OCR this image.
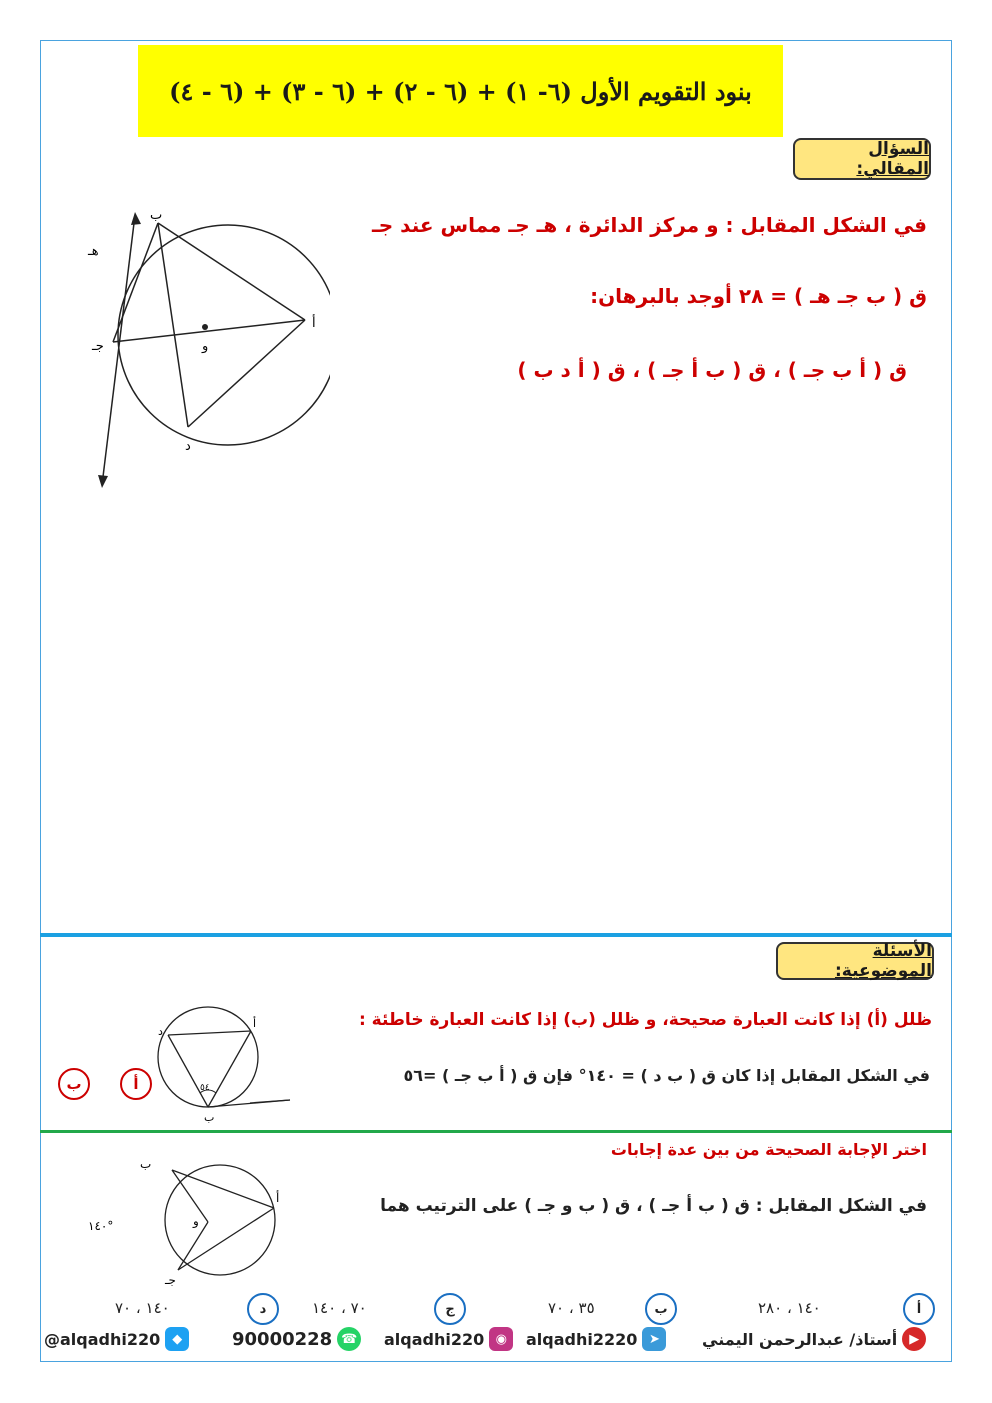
بنود التقويم الأول (٦- ١) + (٦ - ٢) + (٦ - ٣) + (٦ - ٤)
السؤال المقالي:
في الشكل المقابل : و مركز الدائرة ، هـ جـ مماس عند جـ
ق ( ب جـ هـ ) = ٢٨ أوجد بالبرهان:
ق ( أ ب جـ ) ، ق ( ب أ جـ ) ، ق ( أ د ب )
ب
أ
جـ
د
هـ
و
الأسئلة الموضوعية:
ظلل (أ) إذا كانت العبارة صحيحة، و ظلل (ب) إذا كانت العبارة خاطئة :
في الشكل المقابل إذا كان ق ( ب د ) = ١٤٠° فإن ق ( أ ب جـ ) =٥٦
أ
ب
أ
د
ب
٥٤
اختر الإجابة الصحيحة من بين عدة إجابات
في الشكل المقابل : ق ( ب أ جـ ) ، ق ( ب و جـ ) على الترتيب هما
ب
أ
جـ
و
١٤٠°
أ
١٤٠ ، ٢٨٠
ب
٣٥ ، ٧٠
ج
٧٠ ، ١٤٠
د
١٤٠ ، ٧٠
@alqadhi220 ◆	90000228 ☎ alqadhi220 ◉	alqadhi2220 ➤	▶
أستاذ/ عبدالرحمن اليمني
